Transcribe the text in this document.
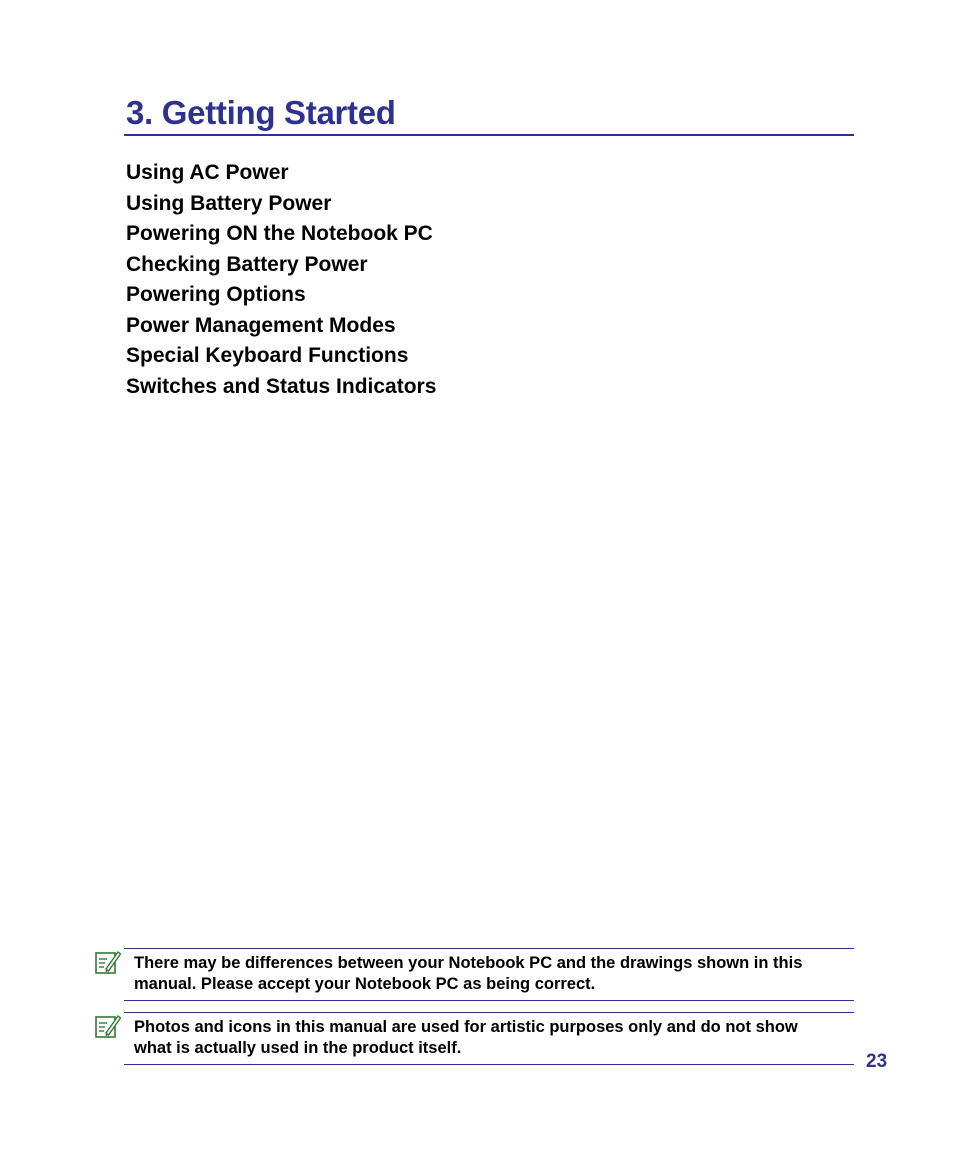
3. Getting Started
Using AC Power
Using Battery Power
Powering ON the Notebook PC
Checking Battery Power
Powering Options
Power Management Modes
Special Keyboard Functions
Switches and Status Indicators

There may be differences between your Notebook PC and the drawings shown in this manual. Please accept your Notebook PC as being correct.

Photos and icons in this manual are used for artistic purposes only and do not show what is actually used in the product itself.

23
